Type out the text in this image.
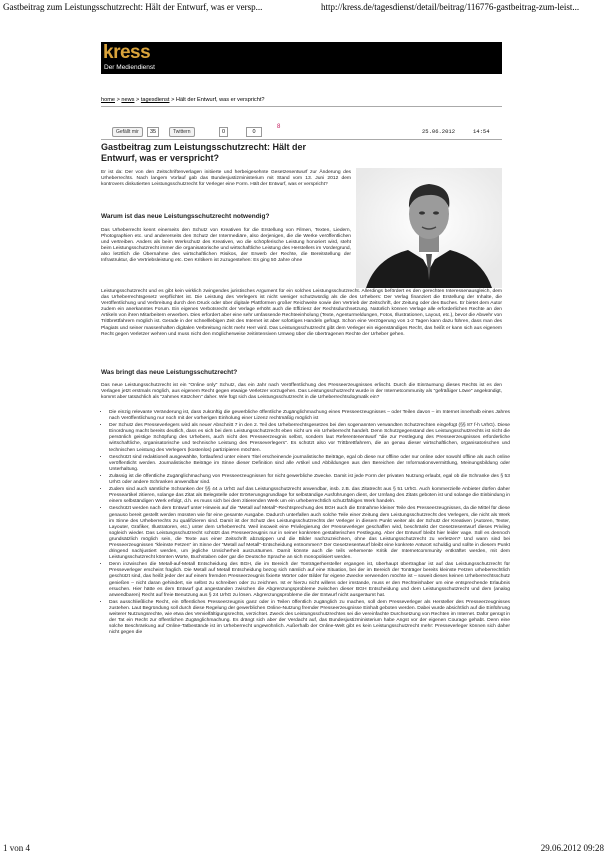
Gastbeitrag zum Leistungsschutzrecht: Hält der Entwurf, was er versp...	http://kress.de/tagesdienst/detail/beitrag/116776-gastbeitrag-zum-leist...
kress
Der Mediendienst
home > news > tagesdienst > Hält der Entwurf, was er verspricht?
Gefällt mir	35	Twittern	0	0
8
25.06.2012	14:54
Gastbeitrag zum Leistungsschutzrecht: Hält der Entwurf, was er verspricht?
Er ist da: Der von den Zeitschriftenverlagen initiierte und herbeigesehnte Gesetzesentwurf zur Änderung des Urheberrechts. Nach langem Vorlauf gab das Bundesjustizministerium mit Stand vom 13. Juni 2012 dem kontrovers diskutierten Leistungsschutzrecht für Verleger eine Form. Hält der Entwurf, was er verspricht?
Warum ist das neue Leistungsschutzrecht notwendig?
Das Urheberrecht kennt einerseits den Schutz von Kreativen für die Erstellung von Filmen, Texten, Liedern, Photographien etc. und andererseits den Schutz der Intermediäre, also derjenigen, die die Werke veröffentlichen und vertreiben. Anders als beim Werkschutz des Kreativen, wo die schöpferische Leistung honoriert wird, steht beim Leistungsschutzrecht immer die organisatorische und wirtschaftliche Leistung des Herstellers im Vordergrund, also letztlich die Übernahme des wirtschaftlichen Risikos, der Erwerb der Rechte, die Bereitstellung der Infrastruktur, die Vertriebsleistung etc. Den Kritikern ist zuzugestehen: Es ging 50 Jahre ohne
Leistungsschutzrecht und es gibt kein wirklich zwingendes juristisches Argument für ein solches Leistungsschutzrecht. Allerdings befördert es den gerechten Interessenausgleich, dem das Urheberrechtsgesetz verpflichtet ist. Die Leistung des Verlegers ist nicht weniger schutzwürdig als die des Urhebers: Der Verlag finanziert die Erstellung der Inhalte, die Veröffentlichung und Verbreitung durch den Druck oder über digitale Plattformen großer Reichweite sowie den Vertrieb der Zeitschrift, der Zeitung oder des Buches. Er bietet dem Autor zudem ein anerkanntes Forum. Ein eigenes Verbotsrecht der Verlage erhöht auch die Effizienz der Rechtsdurchsetzung. Natürlich können Verlage alle erforderlichen Rechte an den Artikeln von ihren Mitarbeitern erwerben. Dies erfordert aber eine sehr umfassende Rechteeinholung (Texte, Agenturmeldungen, Fotos, Illustrationen, Layout, etc.), bevor die Abwehr von Trittbrettfahrern möglich ist. Gerade in der schnelllebigen Zeit des Internet ist aber sofortiges Handeln gefragt. Schon eine Verzögerung von 1-2 Tagen kann dazu führen, dass man des Plagiats und seiner massenhaften digitalen Verbreitung nicht mehr Herr wird. Das Leistungsschutzrecht gibt dem Verleger ein eigenständiges Recht, das heißt er kann sich aus eigenem Recht gegen Verletzer wehren und muss nicht den möglicherweise zeitintensiven Umweg über die übertragenen Rechte der Urheber gehen.
Was bringt das neue Leistungsschutzrecht?
Das neue Leistungsschutzrecht ist ein "Online only" Schutz, das ein Jahr nach Veröffentlichung des Presseerzeugnisses erlischt. Durch die Einräumung dieses Rechts ist es den Verlagen jetzt erstmals möglich, aus eigenem Recht gegen etwaige Verletzer vorzugehen. Das Leistungsschutzrecht wurde in der Internetcommunity als "gefräßiger Löwe" angekündigt, kommt aber tatsächlich als "zahmes Kätzchen" daher. Wie fügt sich das Leistungsschutzrecht in die Urheberrechtsdogmatik ein?
• Die einzig relevante Veränderung ist, dass zukünftig die gewerbliche öffentliche Zugänglichmachung eines Presseerzeugnisses – oder Teilen davon – im Internet innerhalb eines Jahres nach Veröffentlichung nur noch mit der vorherigen Einholung einer Lizenz rechtmäßig möglich ist
• Der Schutz des Presseverlegers wird als neuer Abschnitt 7 in den 2. Teil des Urheberrechtsgesetzes bei den sogenannten verwandten Schutzrechten eingefügt (§§ 87 f-h UrhG). Diese Einordnung macht bereits deutlich, dass es sich bei dem Leistungsschutzrecht eben nicht um ein Urheberrecht handelt. Denn Schutzgegenstand des Leistungsschutzrechts ist nicht die persönlich geistige Schöpfung des Urhebers, auch nicht des Presseerzeugnis selbst, sondern laut Referentenentwurf "die zur Festlegung des Presseerzeugnisses erforderliche wirtschaftliche, organisatorische und technische Leistung des Presseverlegers". Es schützt also vor Trittbrettfahrern, die an genau dieser wirtschaftlichen, organisatorischen und technischen Leistung des Verlegers (kostenlos) partizipieren möchten.
• Geschützt sind redaktionell ausgewählte, fortlaufend unter einem Titel erscheinende journalistische Beiträge, egal ob diese nur offline oder nur online oder sowohl offline als auch online veröffentlicht werden. Journalistische Beiträge im Sinne dieser Definition sind alle Artikel und Abbildungen aus den Bereichen der Informationsvermittlung, Meinungsbildung oder Unterhaltung.
• Zulässig ist die öffentliche Zugänglichmachung von Presseerzeugnissen für nicht gewerbliche Zwecke. Damit ist jede Form der privaten Nutzung erlaubt, egal ob die Schranke des § 53 UrhG oder andere Schranken anwendbar sind.
• Zudem sind auch sämtliche Schranken der §§ 44 a UrhG auf das Leistungsschutzrecht anwendbar, insb. z.B. das Zitatrecht aus § 51 UrhG. Auch kommerzielle Anbieter dürfen daher Presseartikel zitieren, solange das Zitat als Belegstelle oder Erörterungsgrundlage für selbständige Ausführungen dient, der Umfang des Zitats geboten ist und solange die Einbindung in einem selbständigen Werk erfolgt, d.h. es muss sich bei dem zitierenden Werk um ein urheberrechtlich schutzfähiges Werk handeln.
• Geschützt werden nach dem Entwurf unter Hinweis auf die "Metall auf Metall"-Rechtsprechung des BGH auch die Entnahme kleiner Teile des Presseerzeugnisses, da die Mittel für diese genauso bereit gestellt werden müssten wie für eine gesamte Ausgabe. Dadurch unterfallen auch solche Teile einer Zeitung dem Leistungsschutzrecht des Verlegers, die nicht als Werk im Sinne des Urheberrechts zu qualifizieren sind. Damit ist der Schutz des Leistungsschutzrechts der Verleger in diesem Punkt weiter als der Schutz der Kreativen (Autoren, Texter, Layouter, Grafiker, Illustratoren, etc.) unter dem Urheberrecht. Weil insoweit eine Privilegierung der Presseverleger geschaffen wird, beschränkt der Gesetzesentwurf dieses Privileg sogleich wieder. Das Leistungsschutzrecht schützt das Presseerzeugnis nur in seiner konkreten gestalterischen Festlegung. Aber der Entwurf bleibt hier leider vage. Soll es dennoch grundsätzlich möglich sein, die Texte aus einer Zeitschrift abzutippen und die Bilder nachzuzeichnen, ohne das Leistungsschutzrecht zu verletzen? Und wann sind bei Presseerzeugnissen "kleinste Fetzen" im Sinne der "Metall auf Metall"-Entscheidung entnommen? Der Gesetzesentwurf bleibt eine konkrete Antwort schuldig und sollte in diesem Punkt dringend nachjustiert werden, um jegliche Unsicherheit auszuräumen. Damit könnte auch die teils vehemente Kritik der Internetcommunity entkräftet werden, mit dem Leistungsschutzrecht könnten Worte, Buchstaben oder gar die Deutsche Sprache an sich monopolisiert werden.
• Denn inzwischen die Metall-auf-Metall Entscheidung des BGH, die im Bereich der Tonträgerhersteller ergangen ist, überhaupt übertragbar ist auf das Leistungsschutzrecht für Presseverleger erscheint fraglich. Die Metall auf Metall Entscheidung bezog sich nämlich auf eine Situation, bei der im Bereich der Tonträger bereits kleinste Fetzen urheberrechtlich geschützt sind, das heißt jeder der auf einem fremden Presseerzeugnis fixierte Wörter oder Bilder für eigene Zwecke verwenden möchte ist – soweit dieses keinen Urheberrechtsschutz genießen – nicht daran gehindert, sie selbst zu schreiben oder zu zeichnen. Ist er hierzu nicht willens oder imstande, muss er den Rechteinhaber um eine entsprechende Erlaubnis ersuchen. Hier hätte es dem Entwurf gut angestanden zwischen die Abgrenzungsprobleme zwischen dieser BGH Entscheidung und dem Leistungsschutzrecht und dem (analog anwendbaren) Recht auf freie Benutzung aus § 24 UrhG zu lösen. Abgrenzungsprobleme die der Entwurf nicht ausgeräumt hat.
• Das ausschließliche Recht, ein öffentliches Presseerzeugnis ganz oder in Teilen öffentlich zugänglich zu machen, soll dem Presseverleger als Hersteller des Presseerzeugnisses zustehen. Laut Begründung soll durch diese Regelung der gewerblichen Online-Nutzung fremder Presseerzeugnisse Einhalt geboten werden. Dabei wurde absichtlich auf die Einführung weiterer Nutzungsrechte, wie etwa des Vervielfältigungsrechts, verzichtet. Zweck des Leistungsschutzrechtes sei die vereinfachte Durchsetzung von Rechten im Internet. Dafür genügt in der Tat ein Recht zur öffentlichen Zugänglichmachung. Es drängt sich aber der Verdacht auf, das Bundesjustizministerium habe Angst vor der eigenen Courage gehabt. Denn eine solche Beschränkung auf Online-Tatbestände ist im Urheberrecht ungewöhnlich. Außerhalb der Online-Welt gibt es kein Leistungsschutzrecht mehr: Presseverleger können sich daher nicht gegen die
1 von 4	29.06.2012 09:28
